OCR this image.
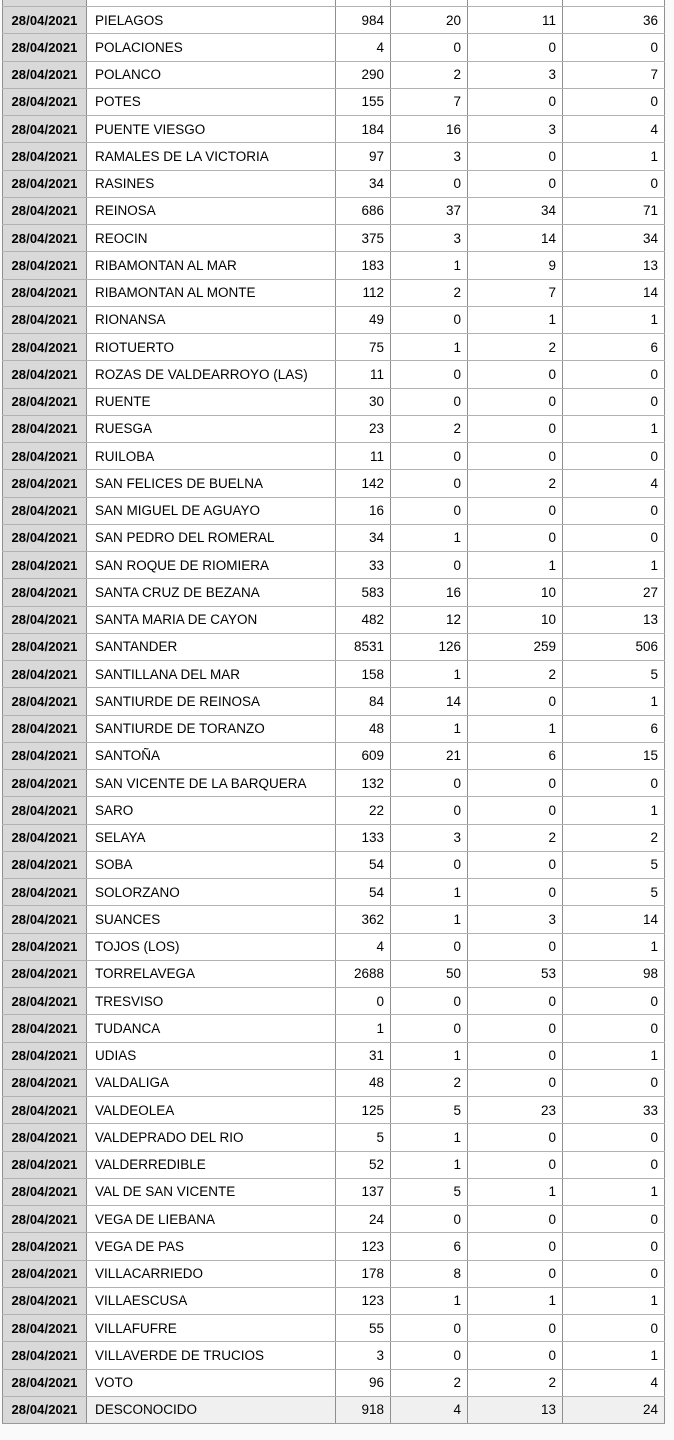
28/04/2021	PIELAGOS	984	20	11	36
28/04/2021	POLACIONES	4	0	0	0
28/04/2021	POLANCO	290	2	3	7
28/04/2021	POTES	155	7	0	0
28/04/2021	PUENTE VIESGO	184	16	3	4
28/04/2021	RAMALES DE LA VICTORIA	97	3	0	1
28/04/2021	RASINES	34	0	0	0
28/04/2021	REINOSA	686	37	34	71
28/04/2021	REOCIN	375	3	14	34
28/04/2021	RIBAMONTAN AL MAR	183	1	9	13
28/04/2021	RIBAMONTAN AL MONTE	112	2	7	14
28/04/2021	RIONANSA	49	0	1	1
28/04/2021	RIOTUERTO	75	1	2	6
28/04/2021	ROZAS DE VALDEARROYO (LAS)	11	0	0	0
28/04/2021	RUENTE	30	0	0	0
28/04/2021	RUESGA	23	2	0	1
28/04/2021	RUILOBA	11	0	0	0
28/04/2021	SAN FELICES DE BUELNA	142	0	2	4
28/04/2021	SAN MIGUEL DE AGUAYO	16	0	0	0
28/04/2021	SAN PEDRO DEL ROMERAL	34	1	0	0
28/04/2021	SAN ROQUE DE RIOMIERA	33	0	1	1
28/04/2021	SANTA CRUZ DE BEZANA	583	16	10	27
28/04/2021	SANTA MARIA DE CAYON	482	12	10	13
28/04/2021	SANTANDER	8531	126	259	506
28/04/2021	SANTILLANA DEL MAR	158	1	2	5
28/04/2021	SANTIURDE DE REINOSA	84	14	0	1
28/04/2021	SANTIURDE DE TORANZO	48	1	1	6
28/04/2021	SANTOÑA	609	21	6	15
28/04/2021	SAN VICENTE DE LA BARQUERA	132	0	0	0
28/04/2021	SARO	22	0	0	1
28/04/2021	SELAYA	133	3	2	2
28/04/2021	SOBA	54	0	0	5
28/04/2021	SOLORZANO	54	1	0	5
28/04/2021	SUANCES	362	1	3	14
28/04/2021	TOJOS (LOS)	4	0	0	1
28/04/2021	TORRELAVEGA	2688	50	53	98
28/04/2021	TRESVISO	0	0	0	0
28/04/2021	TUDANCA	1	0	0	0
28/04/2021	UDIAS	31	1	0	1
28/04/2021	VALDALIGA	48	2	0	0
28/04/2021	VALDEOLEA	125	5	23	33
28/04/2021	VALDEPRADO DEL RIO	5	1	0	0
28/04/2021	VALDERREDIBLE	52	1	0	0
28/04/2021	VAL DE SAN VICENTE	137	5	1	1
28/04/2021	VEGA DE LIEBANA	24	0	0	0
28/04/2021	VEGA DE PAS	123	6	0	0
28/04/2021	VILLACARRIEDO	178	8	0	0
28/04/2021	VILLAESCUSA	123	1	1	1
28/04/2021	VILLAFUFRE	55	0	0	0
28/04/2021	VILLAVERDE DE TRUCIOS	3	0	0	1
28/04/2021	VOTO	96	2	2	4
28/04/2021	DESCONOCIDO	918	4	13	24
